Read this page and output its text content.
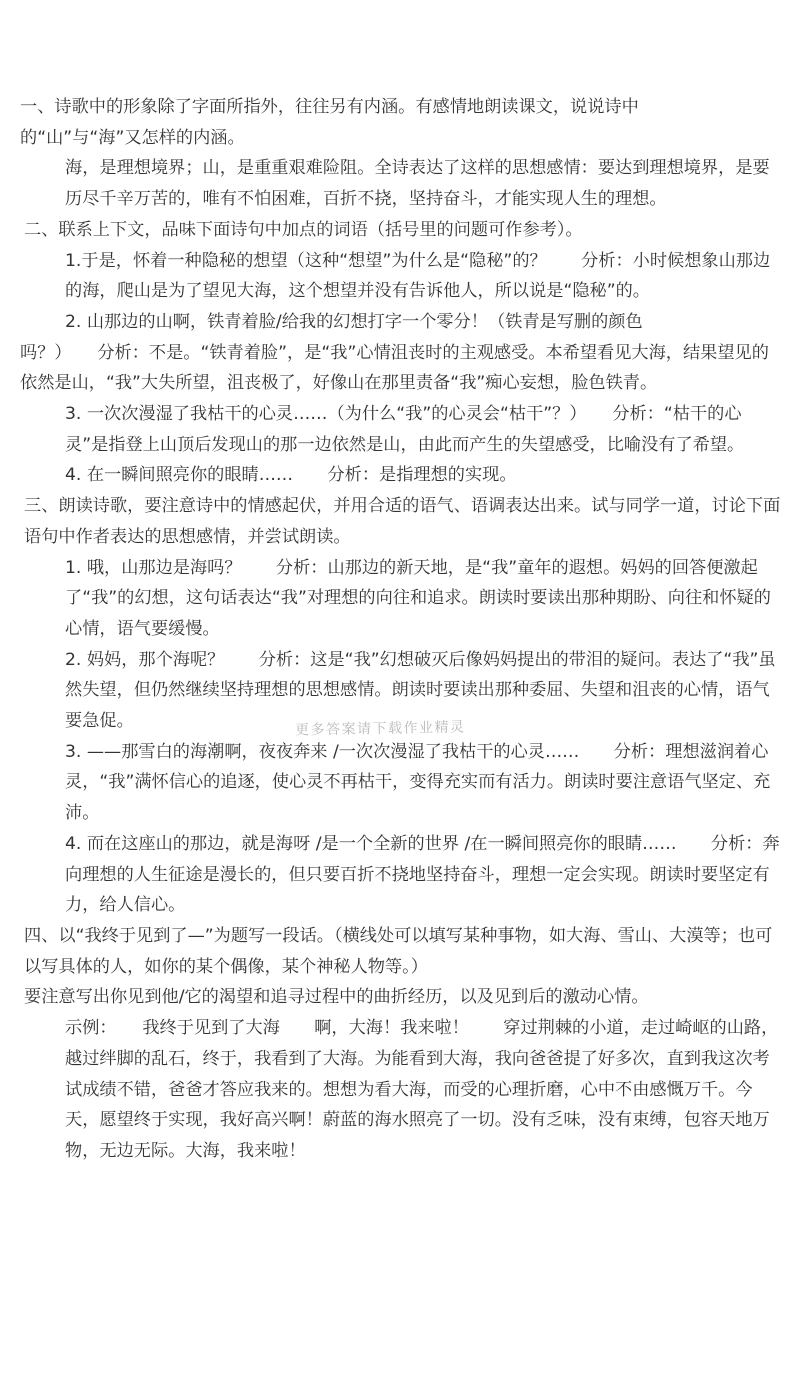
一、诗歌中的形象除了字面所指外，往往另有内涵。有感情地朗读课文，说说诗中

的“山”与“海”又怎样的内涵。

海，是理想境界；山，是重重艰难险阻。全诗表达了这样的思想感情：要达到理想境界，是要历尽千辛万苦的，唯有不怕困难，百折不挠，坚持奋斗，才能实现人生的理想。

二、联系上下文，品味下面诗句中加点的词语（括号里的问题可作参考）。

1.于是，怀着一种隐秘的想望（这种“想望”为什么是“隐秘”的？　　分析：小时候想象山那边的海，爬山是为了望见大海，这个想望并没有告诉他人，所以说是“隐秘”的。

2. 山那边的山啊，铁青着脸/给我的幻想打字一个零分！（铁青是写删的颜色

吗？）　　分析：不是。“铁青着脸”，是“我”心情沮丧时的主观感受。本希望看见大海，结果望见的依然是山，“我”大失所望，沮丧极了，好像山在那里责备“我”痴心妄想，脸色铁青。

3. 一次次漫湿了我枯干的心灵……（为什么“我”的心灵会“枯干”？）　　分析：“枯干的心灵”是指登上山顶后发现山的那一边依然是山，由此而产生的失望感受，比喻没有了希望。

4. 在一瞬间照亮你的眼睛……　　分析：是指理想的实现。

三、朗读诗歌，要注意诗中的情感起伏，并用合适的语气、语调表达出来。试与同学一道，讨论下面语句中作者表达的思想感情，并尝试朗读。

1. 哦，山那边是海吗？　　分析：山那边的新天地，是“我”童年的遐想。妈妈的回答便激起了“我”的幻想，这句话表达“我”对理想的向往和追求。朗读时要读出那种期盼、向往和怀疑的心情，语气要缓慢。

2. 妈妈，那个海呢？　　分析：这是“我”幻想破灭后像妈妈提出的带泪的疑问。表达了“我”虽然失望，但仍然继续坚持理想的思想感情。朗读时要读出那种委屈、失望和沮丧的心情，语气要急促。

3. ——那雪白的海潮啊，夜夜奔来 /一次次漫湿了我枯干的心灵……　　分析：理想滋润着心灵，“我”满怀信心的追逐，使心灵不再枯干，变得充实而有活力。朗读时要注意语气坚定、充沛。

4. 而在这座山的那边，就是海呀 /是一个全新的世界 /在一瞬间照亮你的眼睛……　　分析：奔向理想的人生征途是漫长的，但只要百折不挠地坚持奋斗，理想一定会实现。朗读时要坚定有力，给人信心。

四、以“我终于见到了—”为题写一段话。（横线处可以填写某种事物，如大海、雪山、大漠等；也可以写具体的人，如你的某个偶像，某个神秘人物等。）

要注意写出你见到他/它的渴望和追寻过程中的曲折经历，以及见到后的激动心情。

示例：　　我终于见到了大海　　啊，大海！我来啦！　　穿过荆棘的小道，走过崎岖的山路，越过绊脚的乱石，终于，我看到了大海。为能看到大海，我向爸爸提了好多次，直到我这次考试成绩不错，爸爸才答应我来的。想想为看大海，而受的心理折磨，心中不由感慨万千。今天，愿望终于实现，我好高兴啊！蔚蓝的海水照亮了一切。没有乏味，没有束缚，包容天地万物，无边无际。大海，我来啦！

更多答案请下载作业精灵
